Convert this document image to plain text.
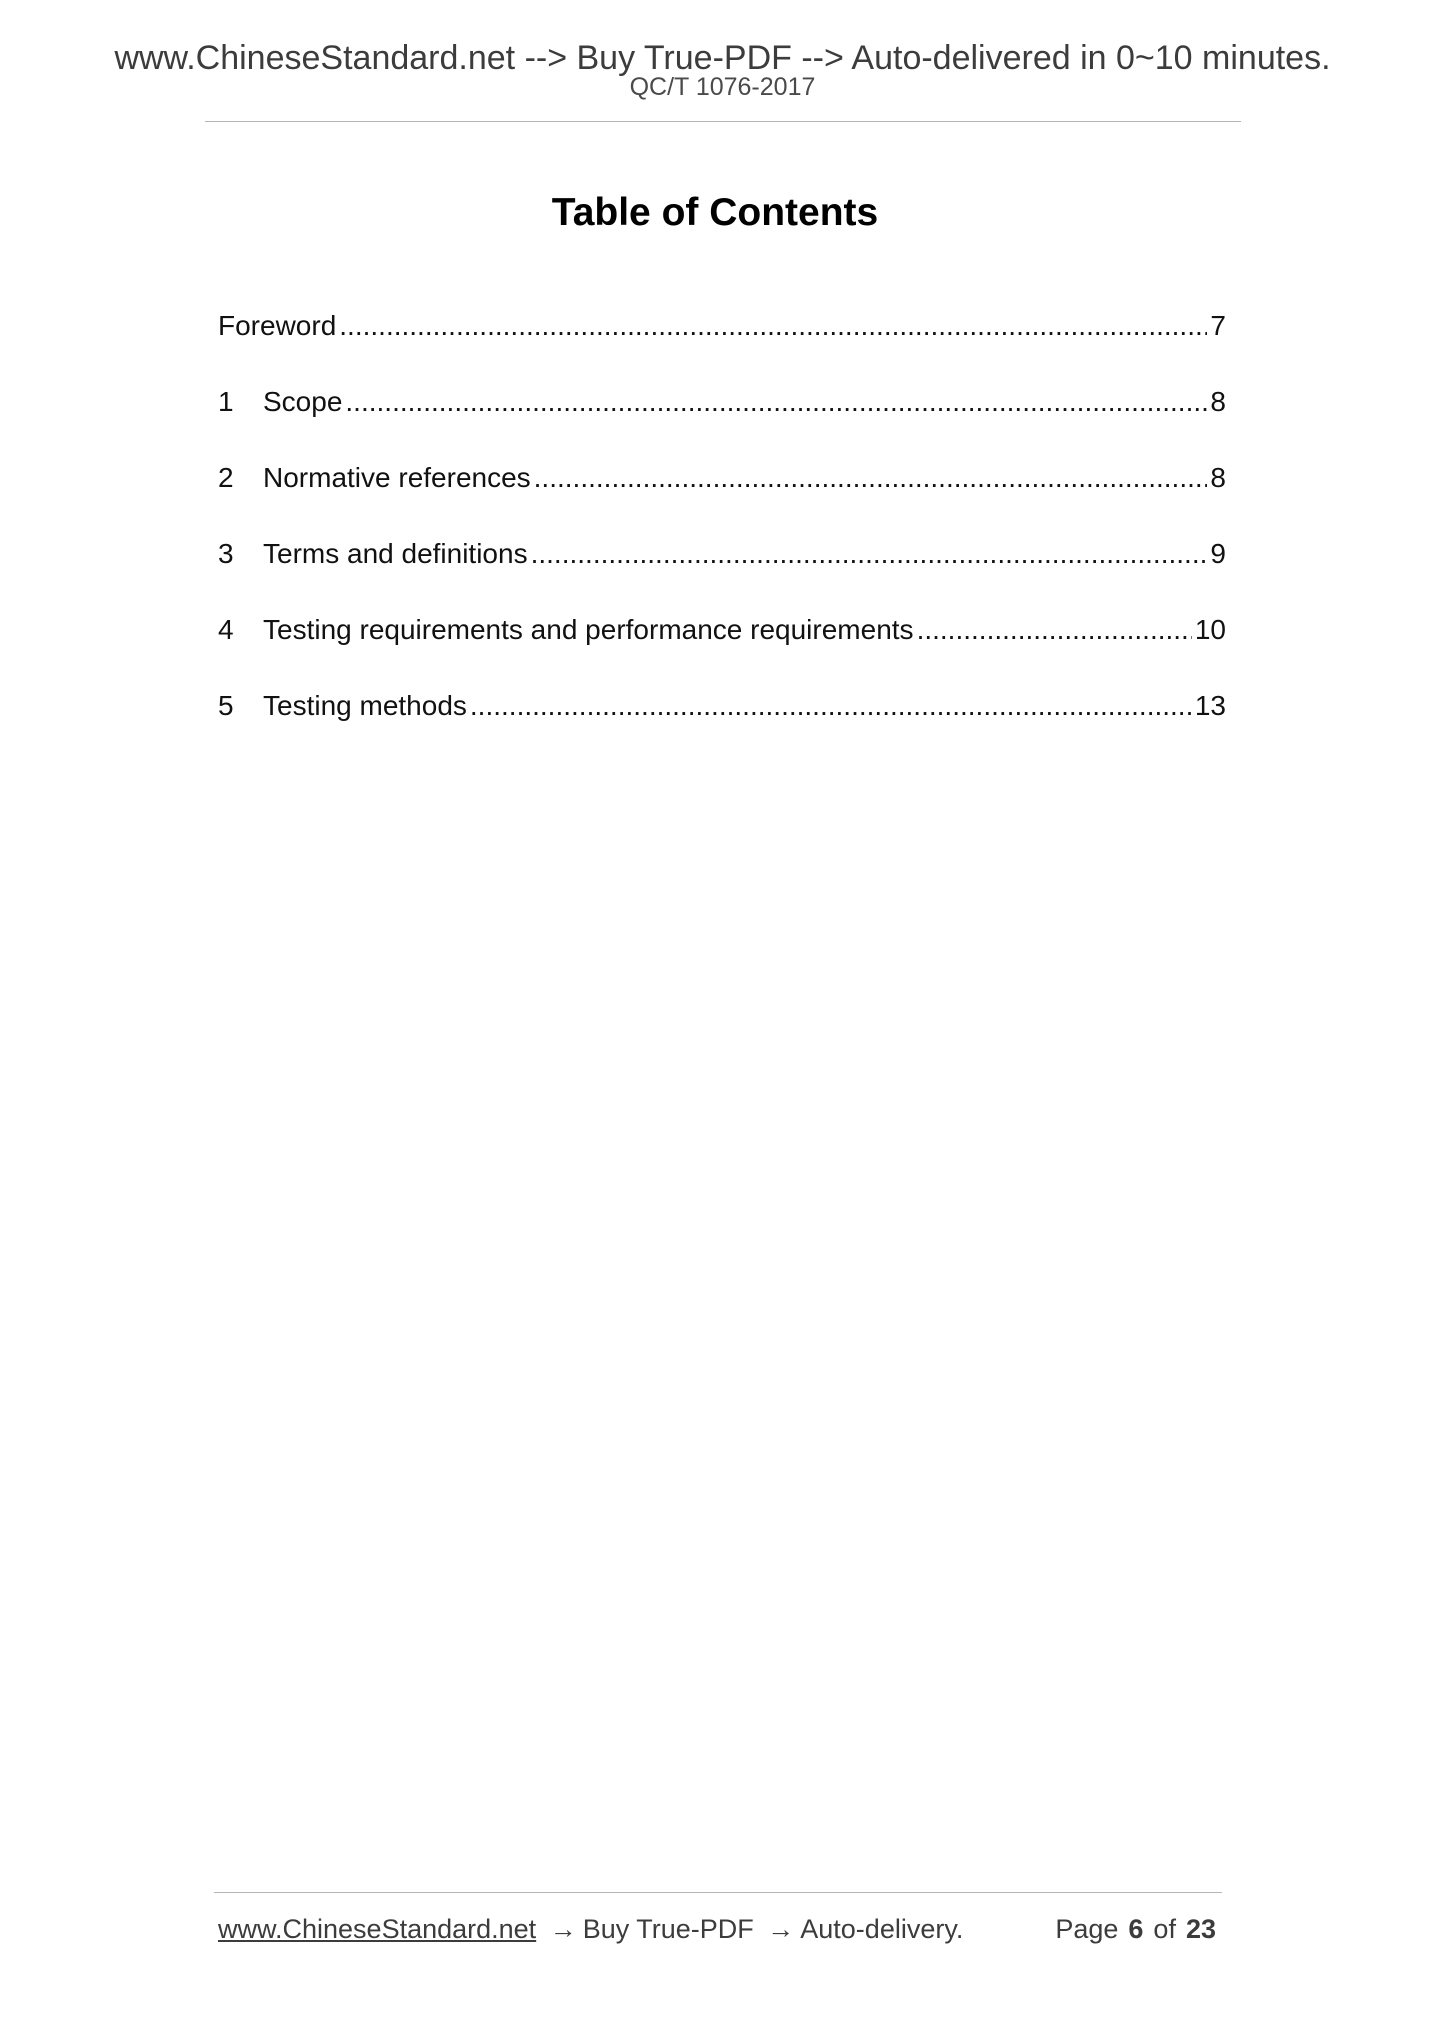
www.ChineseStandard.net --> Buy True-PDF --> Auto-delivered in 0~10 minutes.
QC/T 1076-2017
Table of Contents
Foreword .....	7
1	Scope .....	8
2	Normative references .....	8
3	Terms and definitions .....	9
4	Testing requirements and performance requirements .....	10
5	Testing methods .....	13
www.ChineseStandard.net → Buy True-PDF → Auto-delivery.	Page 6 of 23
